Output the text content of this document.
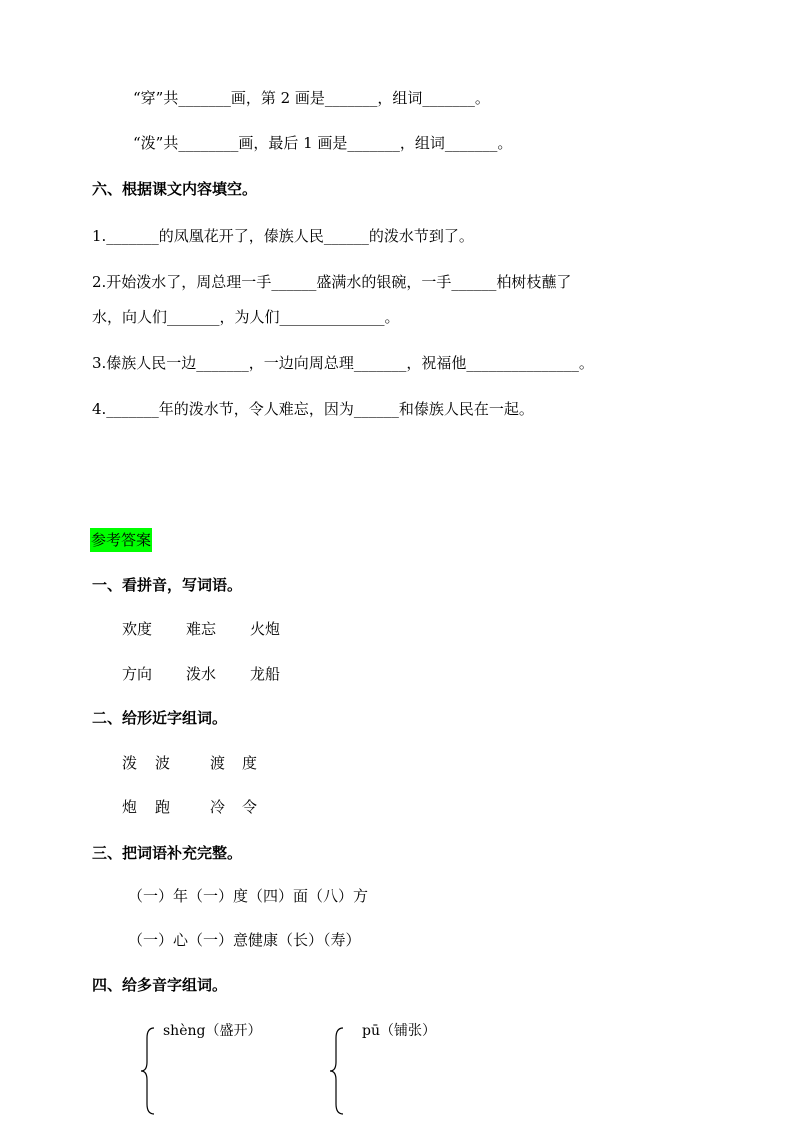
“穿”共_______画，第 2 画是_______，组词_______。
“泼”共________画，最后 1 画是_______，组词_______。
六、根据课文内容填空。
1._______的凤凰花开了，傣族人民______的泼水节到了。
2.开始泼水了，周总理一手______盛满水的银碗，一手______柏树枝蘸了
水，向人们_______，为人们______________。
3.傣族人民一边_______，一边向周总理_______，祝福他_______________。
4._______年的泼水节，令人难忘，因为______和傣族人民在一起。
参考答案
一、看拼音，写词语。
欢度 难忘 火炮
方向 泼水 龙船
二、给形近字组词。
泼 波	渡 度
炮 跑	冷 令
三、把词语补充完整。
（一）年（一）度（四）面（八）方
（一）心（一）意健康（长）（寿）
四、给多音字组词。
shèng（盛开）	pū（铺张）
